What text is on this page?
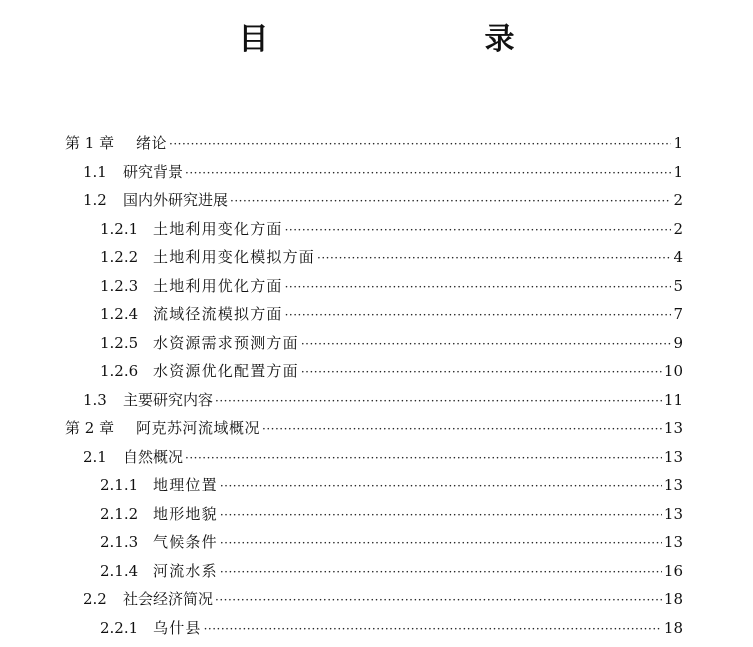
目　　录
第 1 章	绪论 ·····	1
1.1	研究背景 ·····	1
1.2	国内外研究进展 ·····	2
1.2.1 土地利用变化方面 ·····	2
1.2.2 土地利用变化模拟方面 ·····	4
1.2.3 土地利用优化方面 ·····	5
1.2.4 流域径流模拟方面 ·····	7
1.2.5 水资源需求预测方面 ·····	9
1.2.6 水资源优化配置方面 ·····	10
1.3	主要研究内容 ·····	11
第 2 章	阿克苏河流域概况 ·····	13
2.1	自然概况 ·····	13
2.1.1 地理位置 ·····	13
2.1.2 地形地貌 ·····	13
2.1.3 气候条件 ·····	13
2.1.4 河流水系 ·····	16
2.2	社会经济简况 ·····	18
2.2.1 乌什县 ·····	18
